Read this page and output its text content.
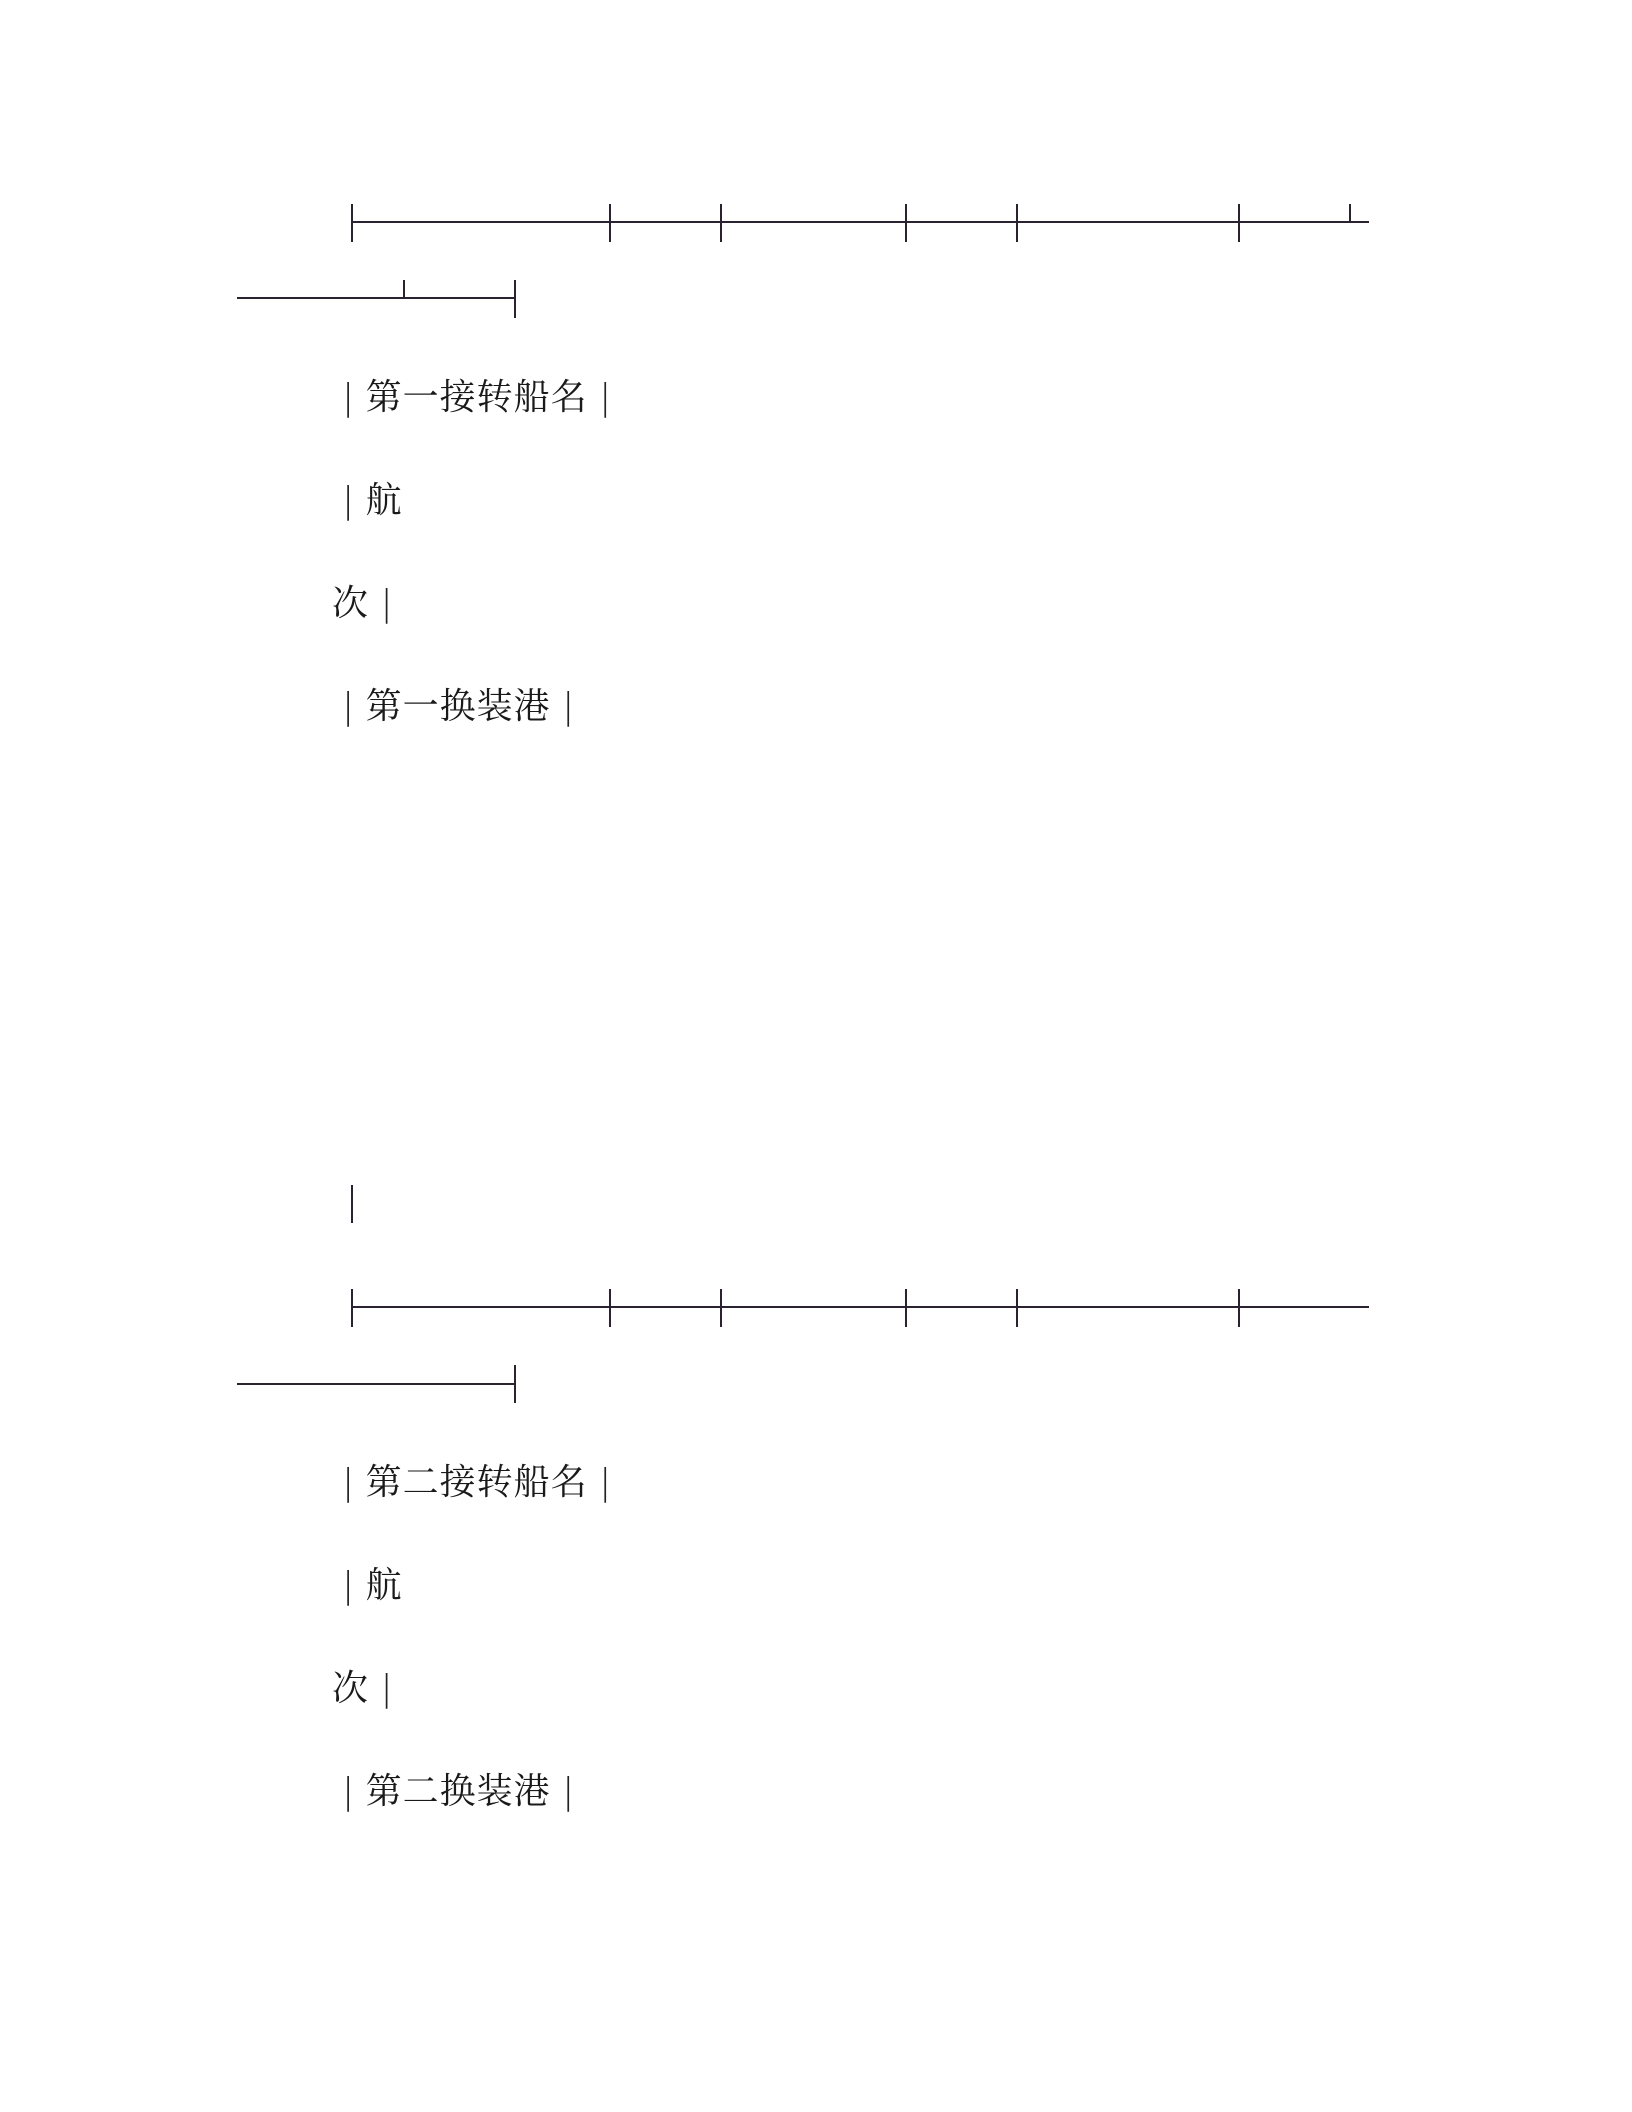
| 第一接转船名 |
| 航
次 |
| 第一换装港 |
| 第二接转船名 |
| 航
次 |
| 第二换装港 |
